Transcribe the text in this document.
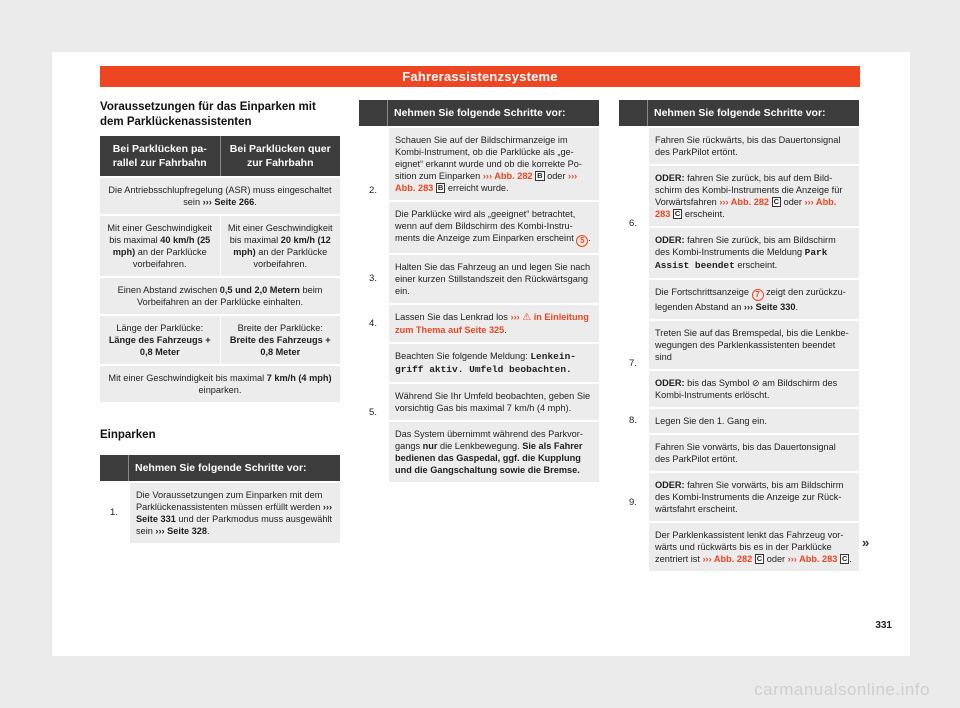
Fahrerassistenzsysteme
Voraussetzungen für das Einparken mit dem Parklückenassistenten
Bei Parklücken parallel zur Fahrbahn
Bei Parklücken quer zur Fahrbahn
Die Antriebsschlupfregelung (ASR) muss eingeschaltet sein ››› Seite 266.
Mit einer Geschwindigkeit bis maximal 40 km/h (25 mph) an der Parklücke vorbeifahren.
Mit einer Geschwindigkeit bis maximal 20 km/h (12 mph) an der Parklücke vorbeifahren.
Einen Abstand zwischen 0,5 und 2,0 Metern beim Vorbeifahren an der Parklücke einhalten.
Länge der Parklücke: Länge des Fahrzeugs + 0,8 Meter
Breite der Parklücke: Breite des Fahrzeugs + 0,8 Meter
Mit einer Geschwindigkeit bis maximal 7 km/h (4 mph) einparken.
Einparken
Nehmen Sie folgende Schritte vor:
1.
Die Voraussetzungen zum Einparken mit dem Parklückenassistenten müssen erfüllt werden ››› Seite 331 und der Parkmodus muss ausgewählt sein ››› Seite 328.
Nehmen Sie folgende Schritte vor:
2.
Schauen Sie auf der Bildschirmanzeige im Kombi-Instrument, ob die Parklücke als „geeignet“ erkannt wurde und ob die korrekte Position zum Einparken ››› Abb. 282 B oder ››› Abb. 283 B erreicht wurde.
Die Parklücke wird als „geeignet“ betrachtet, wenn auf dem Bildschirm des Kombi-Instruments die Anzeige zum Einparken erscheint 5 .
3.
Halten Sie das Fahrzeug an und legen Sie nach einer kurzen Stillstandszeit den Rückwärtsgang ein.
4.
Lassen Sie das Lenkrad los ››› ⚠ in Einleitung zum Thema auf Seite 325.
5.
Beachten Sie folgende Meldung: Lenkeingriff aktiv. Umfeld beobachten.
Während Sie Ihr Umfeld beobachten, geben Sie vorsichtig Gas bis maximal 7 km/h (4 mph).
Das System übernimmt während des Parkvorgangs nur die Lenkbewegung. Sie als Fahrer bedienen das Gaspedal, ggf. die Kupplung und die Gangschaltung sowie die Bremse.
Nehmen Sie folgende Schritte vor:
6.
Fahren Sie rückwärts, bis das Dauertonsignal des ParkPilot ertönt.
ODER: fahren Sie zurück, bis auf dem Bildschirm des Kombi-Instruments die Anzeige für Vorwärtsfahren ››› Abb. 282 C oder ››› Abb. 283 C erscheint.
ODER: fahren Sie zurück, bis am Bildschirm des Kombi-Instruments die Meldung Park Assist beendet erscheint.
Die Fortschrittsanzeige 7 zeigt den zurückzulegenden Abstand an ››› Seite 330.
7.
Treten Sie auf das Bremspedal, bis die Lenkbewegungen des Parklenkassistenten beendet sind
ODER: bis das Symbol ⊘ am Bildschirm des Kombi-Instruments erlöscht.
8.	Legen Sie den 1. Gang ein.
9.
Fahren Sie vorwärts, bis das Dauertonsignal des ParkPilot ertönt.
ODER: fahren Sie vorwärts, bis am Bildschirm des Kombi-Instruments die Anzeige zur Rückwärtsfahrt erscheint.
Der Parklenkassistent lenkt das Fahrzeug vorwärts und rückwärts bis es in der Parklücke zentriert ist ››› Abb. 282 C oder ››› Abb. 283 C .
»
331
carmanualsonline.info
